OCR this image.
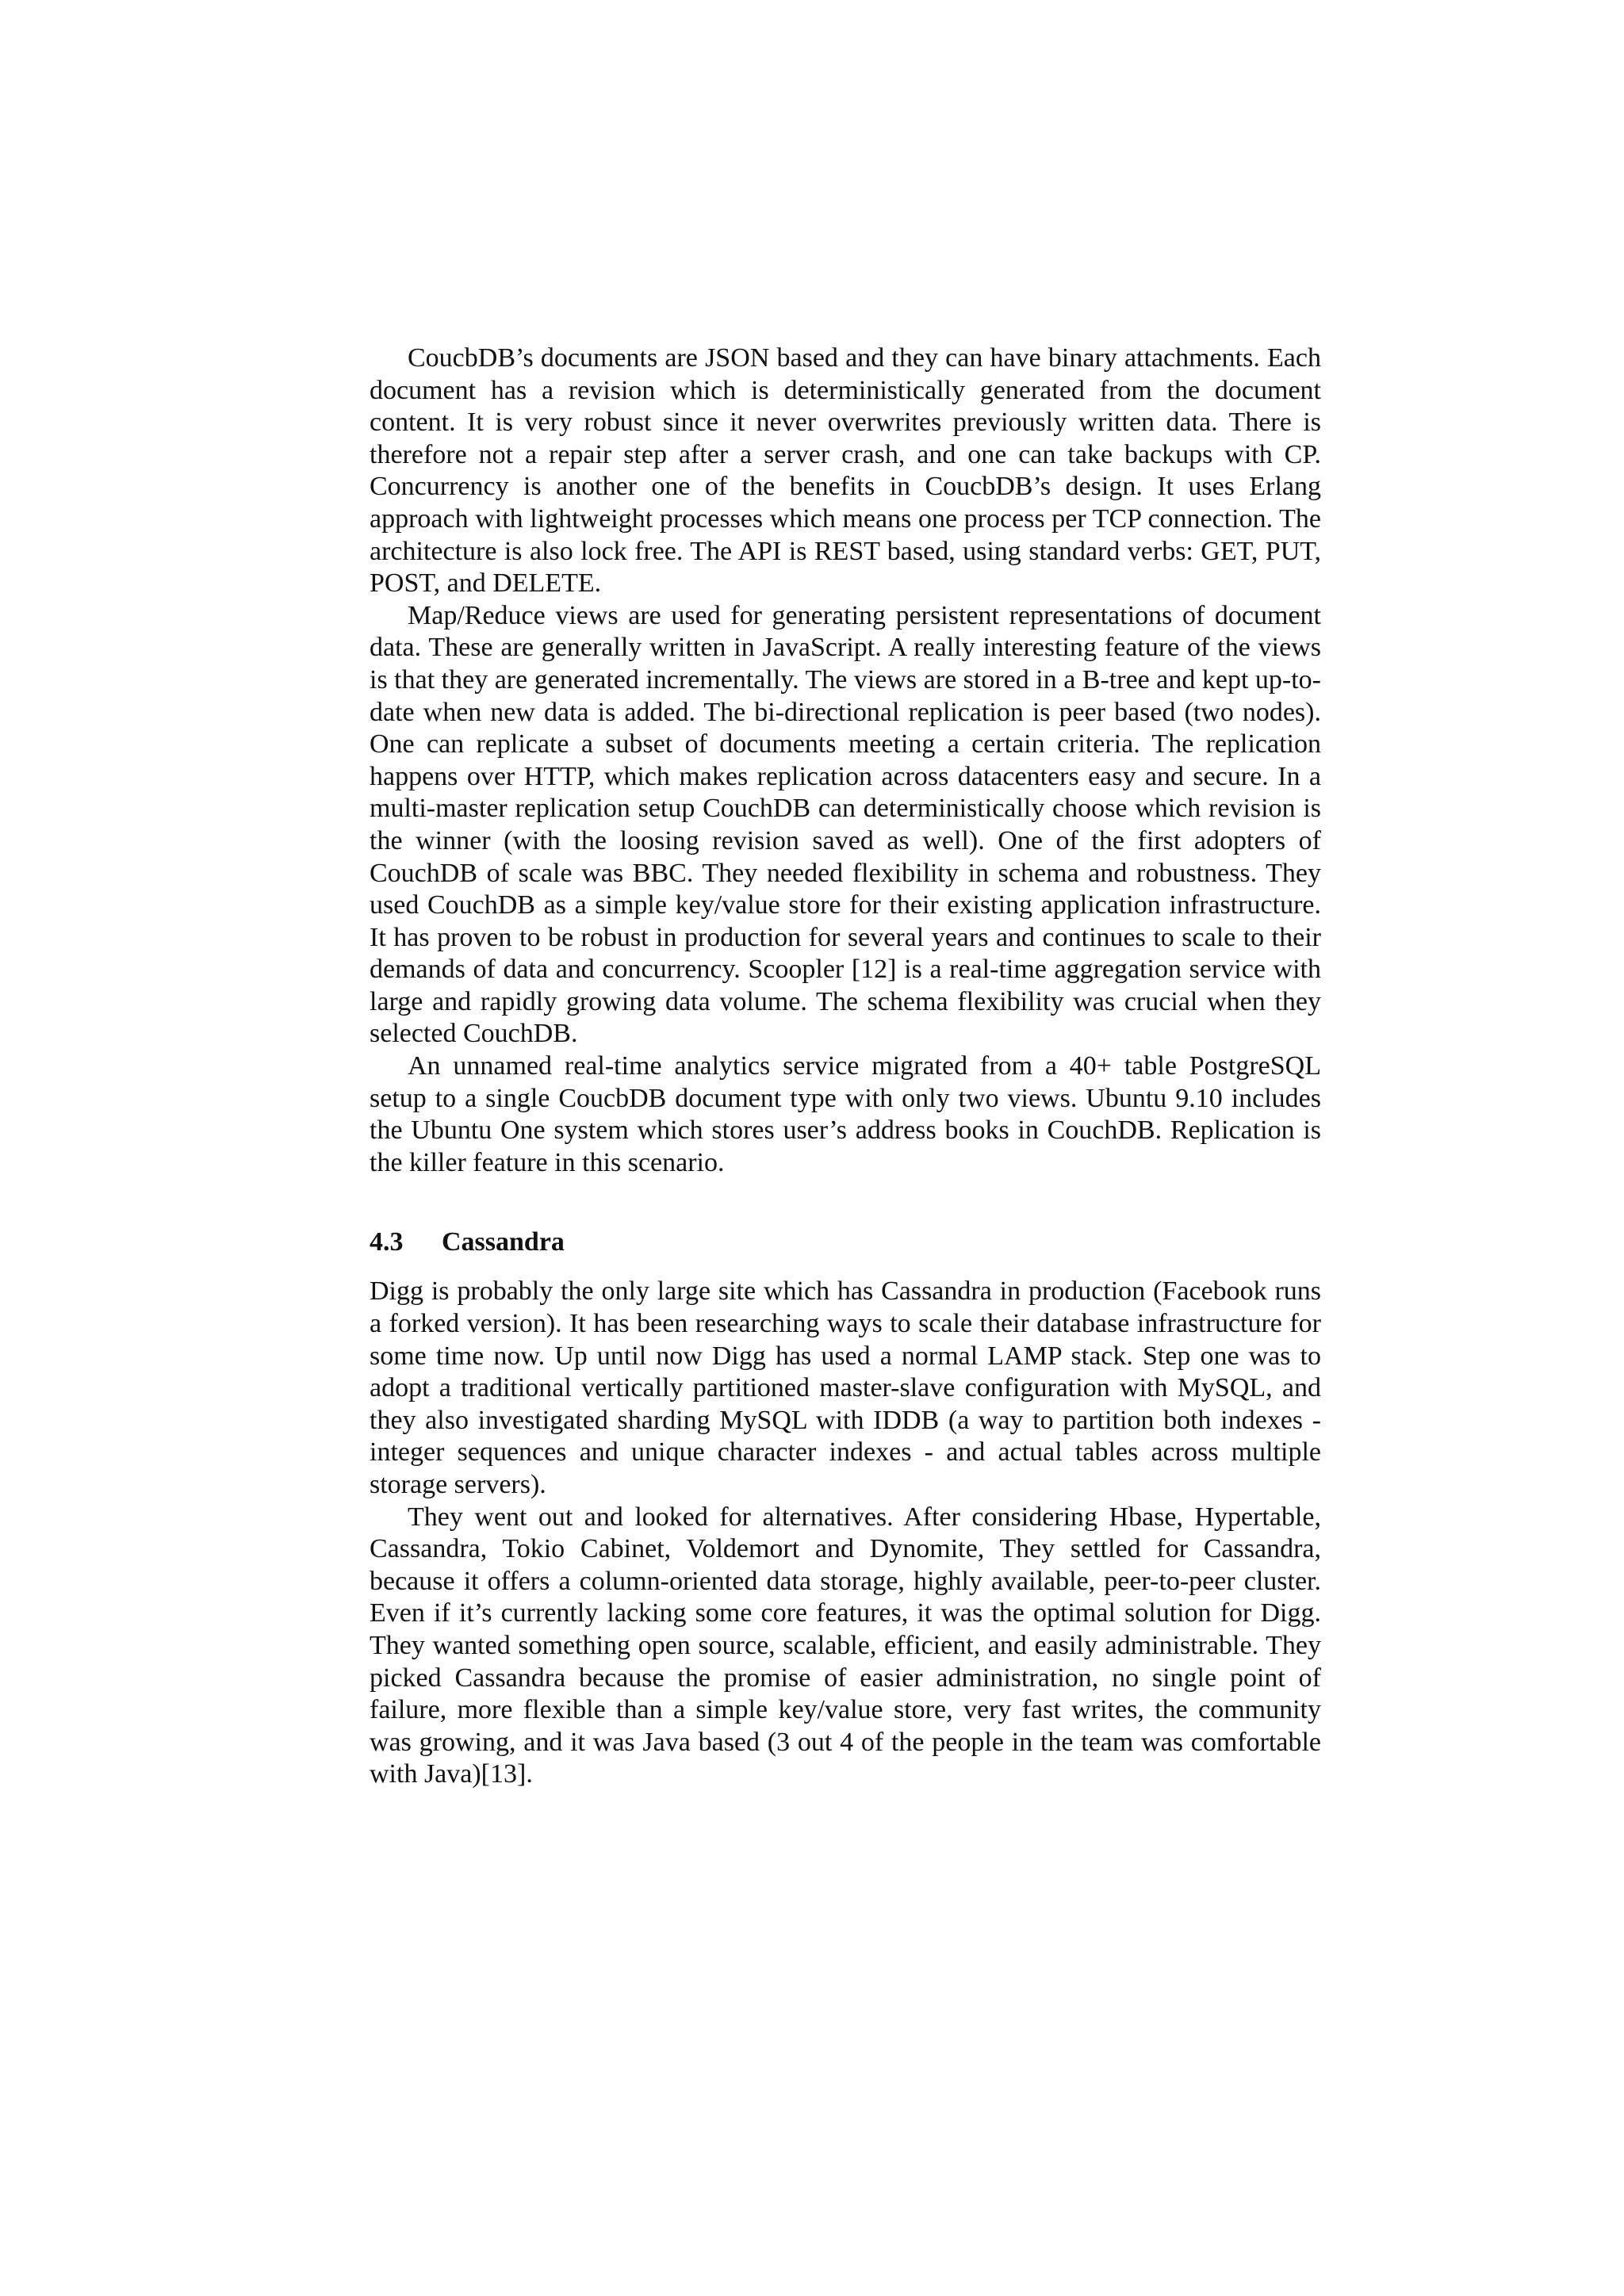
CoucbDB’s documents are JSON based and they can have binary attachments. Each document has a revision which is deterministically generated from the document content. It is very robust since it never overwrites previously written data. There is therefore not a repair step after a server crash, and one can take backups with CP. Concurrency is another one of the benefits in CoucbDB’s design. It uses Erlang approach with lightweight processes which means one process per TCP connection. The architecture is also lock free. The API is REST based, using standard verbs: GET, PUT, POST, and DELETE.

Map/Reduce views are used for generating persistent representations of document data. These are generally written in JavaScript. A really interesting feature of the views is that they are generated incrementally. The views are stored in a B-tree and kept up-to-date when new data is added. The bi-directional replication is peer based (two nodes). One can replicate a subset of documents meeting a certain criteria. The replication happens over HTTP, which makes replication across datacenters easy and secure. In a multi-master replication setup CouchDB can deterministically choose which revision is the winner (with the loosing revision saved as well). One of the first adopters of CouchDB of scale was BBC. They needed flexibility in schema and robustness. They used CouchDB as a simple key/value store for their existing application infrastructure. It has proven to be robust in production for several years and continues to scale to their demands of data and concurrency. Scoopler [12] is a real-time aggregation service with large and rapidly growing data volume. The schema flexibility was crucial when they selected CouchDB.

An unnamed real-time analytics service migrated from a 40+ table PostgreSQL setup to a single CoucbDB document type with only two views. Ubuntu 9.10 includes the Ubuntu One system which stores user’s address books in CouchDB. Replication is the killer feature in this scenario.

4.3 Cassandra

Digg is probably the only large site which has Cassandra in production (Facebook runs a forked version). It has been researching ways to scale their database infrastructure for some time now. Up until now Digg has used a normal LAMP stack. Step one was to adopt a traditional vertically partitioned master-slave configuration with MySQL, and they also investigated sharding MySQL with IDDB (a way to partition both indexes - integer sequences and unique character indexes - and actual tables across multiple storage servers).

They went out and looked for alternatives. After considering Hbase, Hypertable, Cassandra, Tokio Cabinet, Voldemort and Dynomite, They settled for Cassandra, because it offers a column-oriented data storage, highly available, peer-to-peer cluster. Even if it’s currently lacking some core features, it was the optimal solution for Digg. They wanted something open source, scalable, efficient, and easily administrable. They picked Cassandra because the promise of easier administration, no single point of failure, more flexible than a simple key/value store, very fast writes, the community was growing, and it was Java based (3 out 4 of the people in the team was comfortable with Java)[13].
